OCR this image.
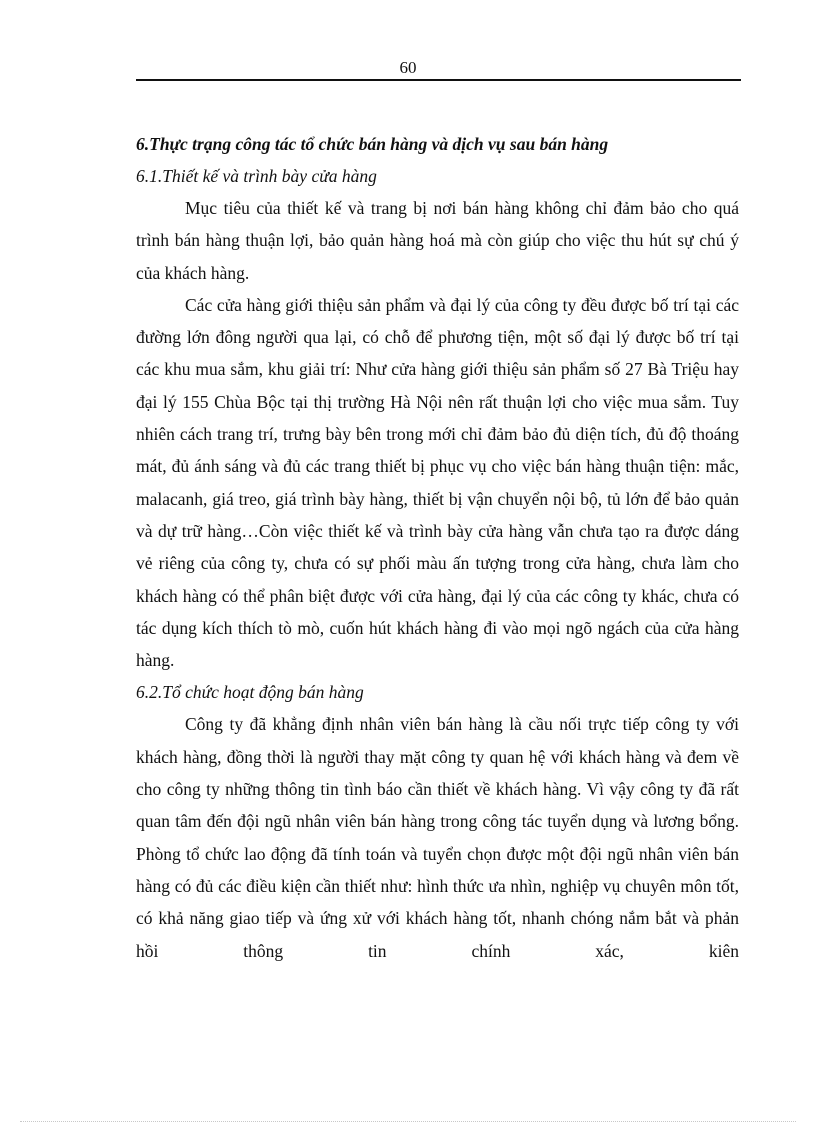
60

6.Thực trạng công tác tổ chức bán hàng và dịch vụ sau bán hàng

6.1.Thiết kế và trình bày cửa hàng

Mục tiêu của thiết kế và trang bị nơi bán hàng không chỉ đảm bảo cho quá trình bán hàng thuận lợi, bảo quản hàng hoá mà còn giúp cho việc thu hút sự chú ý của khách hàng.

Các cửa hàng giới thiệu sản phẩm và đại lý của công ty đều được bố trí tại các đường lớn đông người qua lại, có chỗ để phương tiện, một số đại lý được bố trí tại các khu mua sắm, khu giải trí: Như cửa hàng giới thiệu sản phẩm số 27 Bà Triệu hay đại lý 155 Chùa Bộc tại thị trường Hà Nội nên rất thuận lợi cho việc mua sắm. Tuy nhiên cách trang trí, trưng bày bên trong mới chỉ đảm bảo đủ diện tích, đủ độ thoáng mát, đủ ánh sáng và đủ các trang thiết bị phục vụ cho việc bán hàng thuận tiện: mắc, malacanh, giá treo, giá trình bày hàng, thiết bị vận chuyển nội bộ, tủ lớn để bảo quản và dự trữ hàng…Còn việc thiết kế và trình bày cửa hàng vẫn chưa tạo ra được dáng vẻ riêng của công ty, chưa có sự phối màu ấn tượng trong cửa hàng, chưa làm cho khách hàng có thể phân biệt được với cửa hàng, đại lý của các công ty khác, chưa có tác dụng kích thích tò mò, cuốn hút khách hàng đi vào mọi ngõ ngách của cửa hàng hàng.

6.2.Tổ chức hoạt động bán hàng

Công ty đã khẳng định nhân viên bán hàng là cầu nối trực tiếp công ty với khách hàng, đồng thời là người thay mặt công ty quan hệ với khách hàng và đem về cho công ty những thông tin tình báo cần thiết về khách hàng. Vì vậy công ty đã rất quan tâm đến đội ngũ nhân viên bán hàng trong công tác tuyển dụng và lương bổng. Phòng tổ chức lao động đã tính toán và tuyển chọn được một đội ngũ nhân viên bán hàng có đủ các điều kiện cần thiết như: hình thức ưa nhìn, nghiệp vụ chuyên môn tốt, có khả năng giao tiếp và ứng xử với khách hàng tốt, nhanh chóng nắm bắt và phản hồi thông tin chính xác, kiên
